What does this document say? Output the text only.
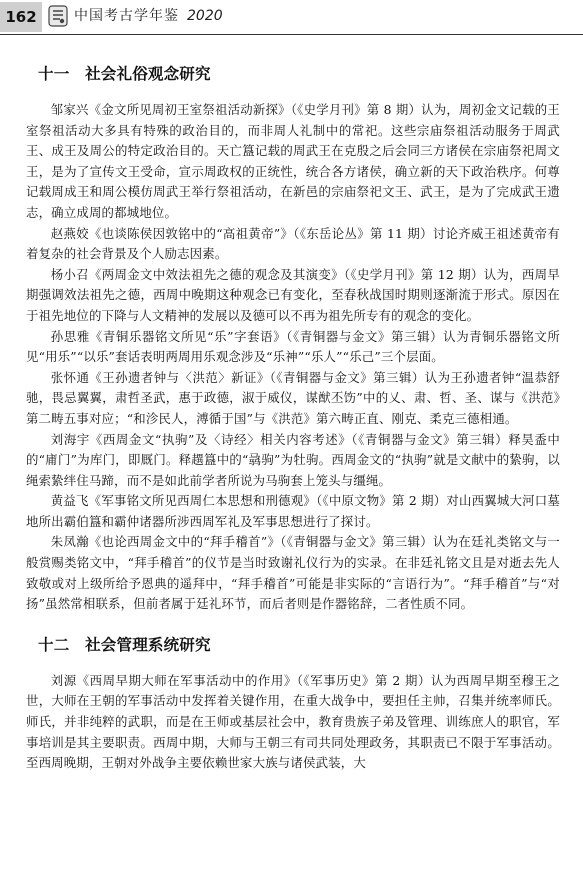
162	中国考古学年鉴 2020
十一　社会礼俗观念研究

邹家兴《金文所见周初王室祭祖活动新探》（《史学月刊》第 8 期）认为，周初金文记载的王室祭祖活动大多具有特殊的政治目的，而非周人礼制中的常祀。这些宗庙祭祖活动服务于周武王、成王及周公的特定政治目的。天亡簋记载的周武王在克殷之后会同三方诸侯在宗庙祭祀周文王，是为了宣传文王受命，宣示周政权的正统性，统合各方诸侯，确立新的天下政治秩序。何尊记载周成王和周公模仿周武王举行祭祖活动，在新邑的宗庙祭祀文王、武王，是为了完成武王遗志，确立成周的都城地位。

赵燕姣《也谈陈侯因敦铭中的“高祖黄帝”》（《东岳论丛》第 11 期）讨论齐威王祖述黄帝有着复杂的社会背景及个人励志因素。

杨小召《两周金文中效法祖先之德的观念及其演变》（《史学月刊》第 12 期）认为，西周早期强调效法祖先之德，西周中晚期这种观念已有变化，至春秋战国时期则逐渐流于形式。原因在于祖先地位的下降与人文精神的发展以及德可以不再为祖先所专有的观念的变化。

孙思雅《青铜乐器铭文所见“乐”字套语》（《青铜器与金文》第三辑）认为青铜乐器铭文所见“用乐”“以乐”套话表明两周用乐观念涉及“乐神”“乐人”“乐己”三个层面。

张怀通《王孙遗者钟与〈洪范〉新证》（《青铜器与金文》第三辑）认为王孙遗者钟“温恭舒驰，畏忌翼翼，肃哲圣武，惠于政德，淑于威仪，谋猷丕饬”中的乂、肃、哲、圣、谋与《洪范》第二畴五事对应；“和沴民人，溥循于国”与《洪范》第六畴正直、刚克、柔克三德相通。

刘海宇《西周金文“执驹”及〈诗经〉相关内容考述》（《青铜器与金文》第三辑）释昊盉中的“庯门”为库门，即厩门。释趩簋中的“骉驹”为牡驹。西周金文的“执驹”就是文献中的絷驹，以绳索絷绊住马蹄，而不是如此前学者所说为马驹套上笼头与缰绳。

黄益飞《军事铭文所见西周仁本思想和刑德观》（《中原文物》第 2 期）对山西翼城大河口墓地所出霸伯簋和霸仲诸器所涉西周军礼及军事思想进行了探讨。

朱凤瀚《也论西周金文中的“拜手稽首”》（《青铜器与金文》第三辑）认为在廷礼类铭文与一般赏赐类铭文中，“拜手稽首”的仪节是当时致谢礼仪行为的实录。在非廷礼铭文且是对逝去先人致敬或对上级所给予恩典的遥拜中，“拜手稽首”可能是非实际的“言语行为”。“拜手稽首”与“对扬”虽然常相联系，但前者属于廷礼环节，而后者则是作器铭辞，二者性质不同。

十二　社会管理系统研究

刘源《西周早期大师在军事活动中的作用》（《军事历史》第 2 期）认为西周早期至穆王之世，大师在王朝的军事活动中发挥着关键作用，在重大战争中，要担任主帅，召集并统率师氏。师氏，并非纯粹的武职，而是在王师或基层社会中，教育贵族子弟及管理、训练庶人的职官，军事培训是其主要职责。西周中期，大师与王朝三有司共同处理政务，其职责已不限于军事活动。至西周晚期，王朝对外战争主要依赖世家大族与诸侯武装，大
